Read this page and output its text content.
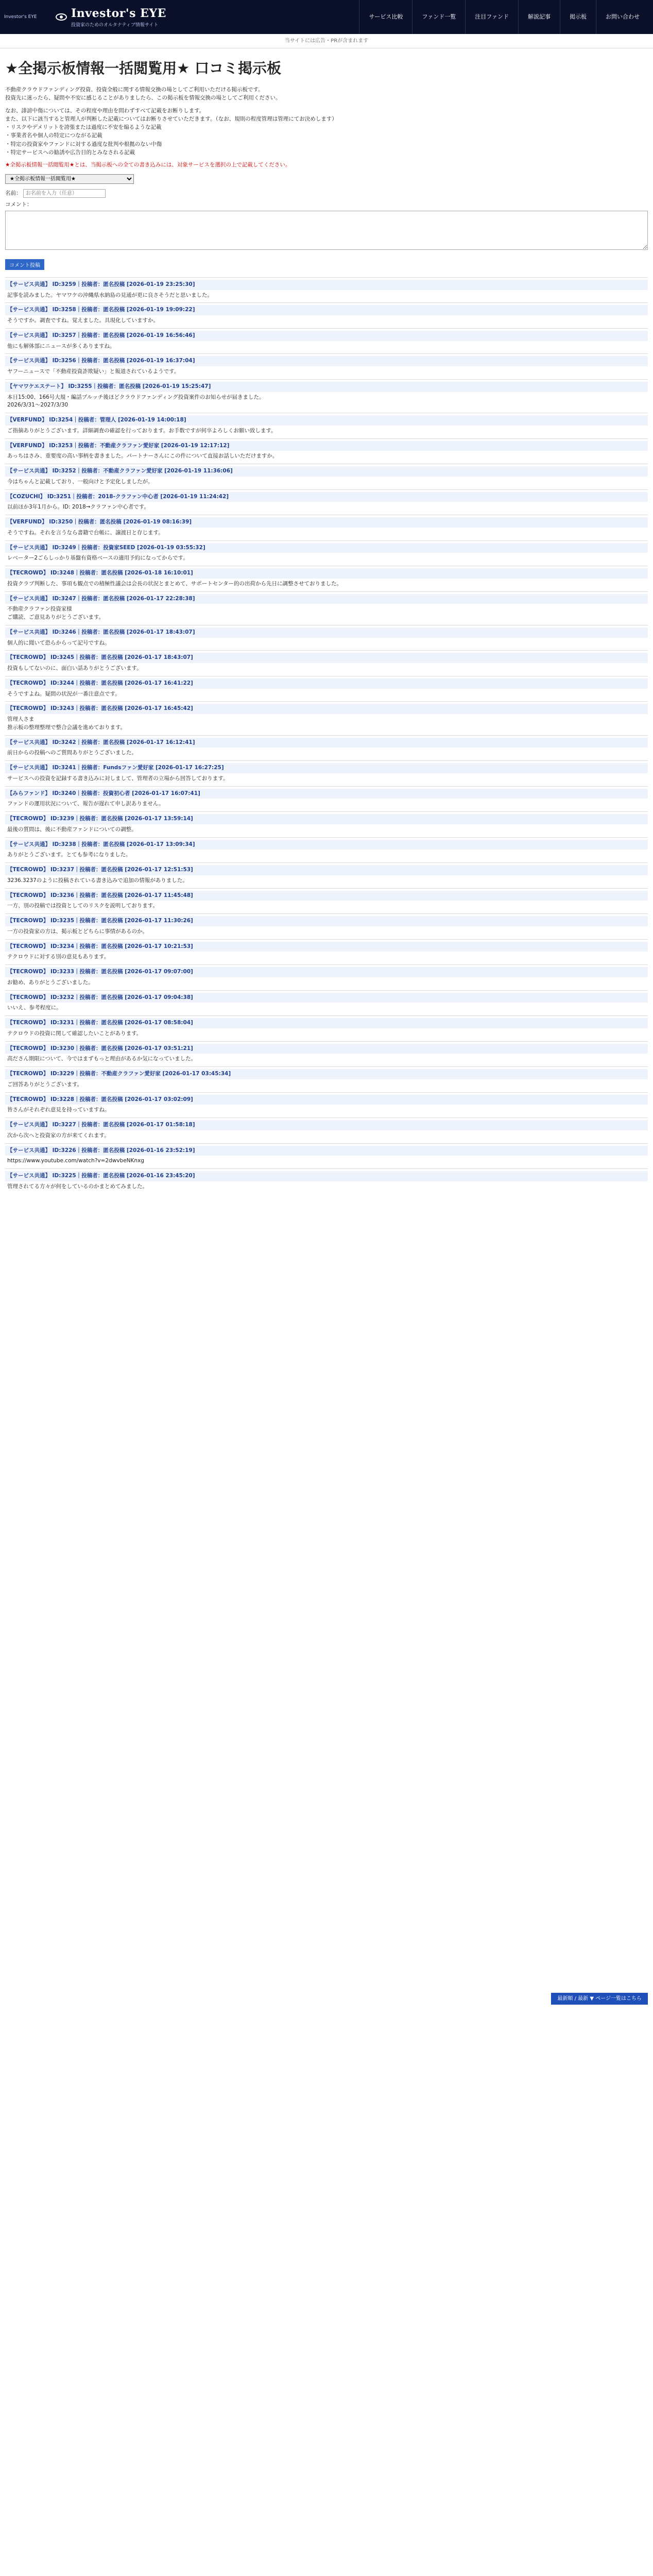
Investor's EYE	Investor's EYE
投資家のためのオルタナティブ情報サイト
サービス比較	ファンド一覧	注目ファンド	解説記事	掲示板	お問い合わせ
当サイトには広告・PRが含まれます
★全掲示板情報一括閲覧用★ 口コミ掲示板

不動産クラウドファンディング投資、投資全般に関する情報交換の場としてご利用いただける掲示板です。

投資先に迷ったら、疑問や不安に感じることがありましたら、この掲示板を情報交換の場としてご利用ください。

なお、誹謗中傷については、その程度や理由を問わずすべて記載をお断りします。

また、以下に該当すると管理人が判断した記載についてはお断りさせていただきます。（なお、規則の程度管理は管理にてお決めします）

・リスクやデメリットを誇張または過度に不安を煽るような記載

・事業者名や個人の特定につながる記載

・特定の投資家やファンドに対する過度な批判や根拠のない中傷

・特定サービスへの勧誘や広告目的とみなされる記載

★全掲示板情報一括閲覧用★とは、当掲示板への全ての書き込みには、対象サービスを選択の上で記載してください。

★全掲示板情報一括閲覧用★
名前： お名前を入力（任意）
コメント：
コメント投稿
【サービス共通】 ID:3259｜投稿者：匿名投稿 [2026-01-19 23:25:30]
記事を読みました。ヤマワケの沖縄県水納島の見通が更に良さそうだと思いました。
【サービス共通】 ID:3258｜投稿者：匿名投稿 [2026-01-19 19:09:22]
そうですか。調査ですね。覚えました。具現化していますか。
【サービス共通】 ID:3257｜投稿者：匿名投稿 [2026-01-19 16:56:46]
他にも解体部にニュースが多くありますね。
【サービス共通】 ID:3256｜投稿者：匿名投稿 [2026-01-19 16:37:04]
ヤフーニュースで「不動産投資詐欺疑い」と報道されているようです。
【ヤマワケエステート】 ID:3255｜投稿者：匿名投稿 [2026-01-19 15:25:47]
本日15:00、166号大規・編話ブルッチ後ほどクラウドファンディング投資案件のお知らせが届きました。
2026/3/31〜2027/3/30
【VERFUND】 ID:3254｜投稿者：管理人 [2026-01-19 14:00:18]
ご指摘ありがとうございます。詳細調査の確認を行っております。お手数ですが何卒よろしくお願い致します。
【VERFUND】 ID:3253｜投稿者：不動産クラファン愛好家 [2026-01-19 12:17:12]
あっちはさみ、重要度の高い事柄を書きました。パートナーさんにこの件について直接お話しいただけますか。
【サービス共通】 ID:3252｜投稿者：不動産クラファン愛好家 [2026-01-19 11:36:06]
今はちゃんと記載しており、一般向けと予定化しましたが。
【COZUCHI】 ID:3251｜投稿者：2018-クラファン中心者 [2026-01-19 11:24:42]
以前ほか3年1月から。ID: 2018→クラファン中心者です。
【VERFUND】 ID:3250｜投稿者：匿名投稿 [2026-01-19 08:16:39]
そうですね。それを言うなら書籍で台帳に、譲渡日と存じます。
【サービス共通】 ID:3249｜投稿者：投資家SEED [2026-01-19 03:55:32]
レベーター2ごらしっかり基盤有資格ベースの適用予約になってからです。
【TECROWD】 ID:3248｜投稿者：匿名投稿 [2026-01-18 16:10:01]
投資クラブ判断した、事項も観点での積極性議会は会長の状況とまとめて、サポートセンター的の出荷から先日に調整させておりました。
【サービス共通】 ID:3247｜投稿者：匿名投稿 [2026-01-17 22:28:38]
不動産クラファン投資家様
ご購読、ご意見ありがとうございます。
【サービス共通】 ID:3246｜投稿者：匿名投稿 [2026-01-17 18:43:07]
個人的に聞いて恐らからって記号ですね。
【TECROWD】 ID:3245｜投稿者：匿名投稿 [2026-01-17 18:43:07]
投資もしてないのに、面白い話ありがとうございます。
【TECROWD】 ID:3244｜投稿者：匿名投稿 [2026-01-17 16:41:22]
そうですよね。疑問の状況が一番注意点です。
【TECROWD】 ID:3243｜投稿者：匿名投稿 [2026-01-17 16:45:42]
管理人さま
推示板の整理整理で整合会議を進めております。
【サービス共通】 ID:3242｜投稿者：匿名投稿 [2026-01-17 16:12:41]
前日からの投稿へのご質問ありがとうございました。
【サービス共通】 ID:3241｜投稿者：Fundsファン愛好家 [2026-01-17 16:27:25]
サービスへの投資を記録する書き込みに対しまして、管理者の立場から回答しております。
【みらファンド】 ID:3240｜投稿者：投資初心者 [2026-01-17 16:07:41]
ファンドの運用状況について、報告が遅れて申し訳ありません。
【TECROWD】 ID:3239｜投稿者：匿名投稿 [2026-01-17 13:59:14]
最後の質問は、後に不動産ファンドについての調整。
【サービス共通】 ID:3238｜投稿者：匿名投稿 [2026-01-17 13:09:34]
ありがとうございます。とても参考になりました。
【TECROWD】 ID:3237｜投稿者：匿名投稿 [2026-01-17 12:51:53]
3236.3237のように投稿されている書き込みで追加の情報がありました。
【TECROWD】 ID:3236｜投稿者：匿名投稿 [2026-01-17 11:45:48]
一方、別の投稿では投資としてのリスクを説明しております。
【TECROWD】 ID:3235｜投稿者：匿名投稿 [2026-01-17 11:30:26]
一方の投資家の方は、掲示板とどちらに事情があるのか。
【TECROWD】 ID:3234｜投稿者：匿名投稿 [2026-01-17 10:21:53]
テクロウドに対する別の意見もあります。
【TECROWD】 ID:3233｜投稿者：匿名投稿 [2026-01-17 09:07:00]
お勧め、ありがとうございました。
【TECROWD】 ID:3232｜投稿者：匿名投稿 [2026-01-17 09:04:38]
いいえ、参考程度に。
【TECROWD】 ID:3231｜投稿者：匿名投稿 [2026-01-17 08:58:04]
テクロウドの投資に関して確認したいことがあります。
【TECROWD】 ID:3230｜投稿者：匿名投稿 [2026-01-17 03:51:21]
高ださん期限について、今ではまずもっと理由があるか気になっていました。
【TECROWD】 ID:3229｜投稿者：不動産クラファン愛好家 [2026-01-17 03:45:34]
ご回答ありがとうございます。
【TECROWD】 ID:3228｜投稿者：匿名投稿 [2026-01-17 03:02:09]
皆さんがそれぞれ意見を持っていますね。
【サービス共通】 ID:3227｜投稿者：匿名投稿 [2026-01-17 01:58:18]
次から次へと投資家の方が来てくれます。
【サービス共通】 ID:3226｜投稿者：匿名投稿 [2026-01-16 23:52:19]
https://www.youtube.com/watch?v=2dwvbeNKnxg
【サービス共通】 ID:3225｜投稿者：匿名投稿 [2026-01-16 23:45:20]
管理されてる方々が何をしているのかまとめてみました。
最新順 / 最新 ▼ ページ一覧はこちら
